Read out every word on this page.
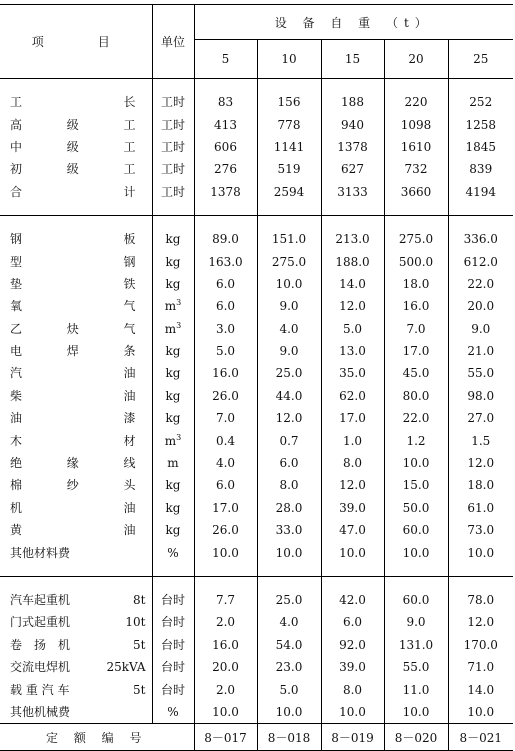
项　　目	单位	设 备 自 重 （t）				
		5	10	15	20	25

工 长	工时	83	156	188	220	252

高 级 工	工时	413	778	940	1098	1258

中 级 工	工时	606	1141	1378	1610	1845

初 级 工	工时	276	519	627	732	839

合 计	工时	1378	2594	3133	3660	4194

钢 板	kg	89.0	151.0	213.0	275.0	336.0

型 钢	kg	163.0	275.0	188.0	500.0	612.0

垫 铁	kg	6.0	10.0	14.0	18.0	22.0

氧 气	$m^3$	6.0	9.0	12.0	16.0	20.0

乙 炔 气	$m^3$	3.0	4.0	5.0	7.0	9.0

电 焊 条	kg	5.0	9.0	13.0	17.0	21.0

汽 油	kg	16.0	25.0	35.0	45.0	55.0

柴 油	kg	26.0	44.0	62.0	80.0	98.0

油 漆	kg	7.0	12.0	17.0	22.0	27.0

木 材	$m^3$	0.4	0.7	1.0	1.2	1.5

绝 缘 线	m	4.0	6.0	8.0	10.0	12.0

棉 纱 头	kg	6.0	8.0	12.0	15.0	18.0

机 油	kg	17.0	28.0	39.0	50.0	61.0

黄 油	kg	26.0	33.0	47.0	60.0	73.0
其他材料费	%	10.0	10.0	10.0	10.0	10.0

汽车起重机 8t	台时	7.7	25.0	42.0	60.0	78.0

门式起重机 10t	台时	2.0	4.0	6.0	9.0	12.0

卷　扬　机 5t	台时	16.0	54.0	92.0	131.0	170.0

交流电焊机 25kVA	台时	20.0	23.0	39.0	55.0	71.0

载 重 汽 车 5t	台时	2.0	5.0	8.0	11.0	14.0

其他机械费	%	10.0	10.0	10.0	10.0	10.0
定 额 编 号		8－017	8－018	8－019	8－020	8－021
